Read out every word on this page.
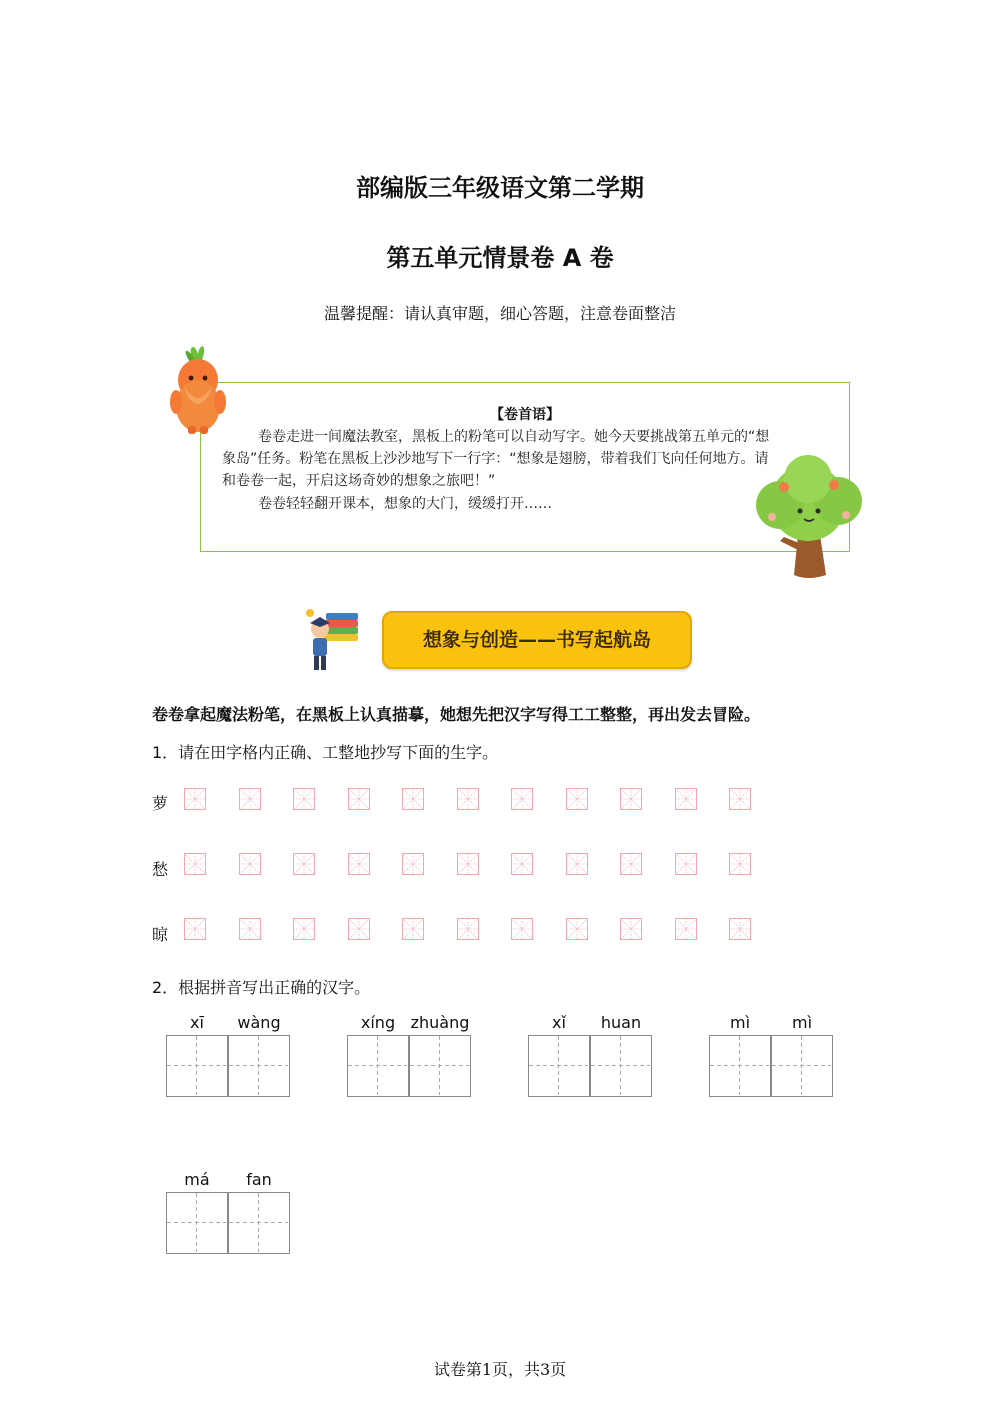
部编版三年级语文第二学期
第五单元情景卷 A 卷
温馨提醒：请认真审题，细心答题，注意卷面整洁
【卷首语】
卷卷走进一间魔法教室，黑板上的粉笔可以自动写字。她今天要挑战第五单元的“想
象岛”任务。粉笔在黑板上沙沙地写下一行字：“想象是翅膀，带着我们飞向任何地方。请
和卷卷一起，开启这场奇妙的想象之旅吧！”
卷卷轻轻翻开课本，想象的大门，缓缓打开……
想象与创造——书写起航岛
卷卷拿起魔法粉笔，在黑板上认真描摹，她想先把汉字写得工工整整，再出发去冒险。
1．请在田字格内正确、工整地抄写下面的生字。
萝
愁
晾
2．根据拼音写出正确的汉字。
xī	wàng	xíng zhuàng	xǐ	huan	mì	mì
má	fan
试卷第1页，共3页
